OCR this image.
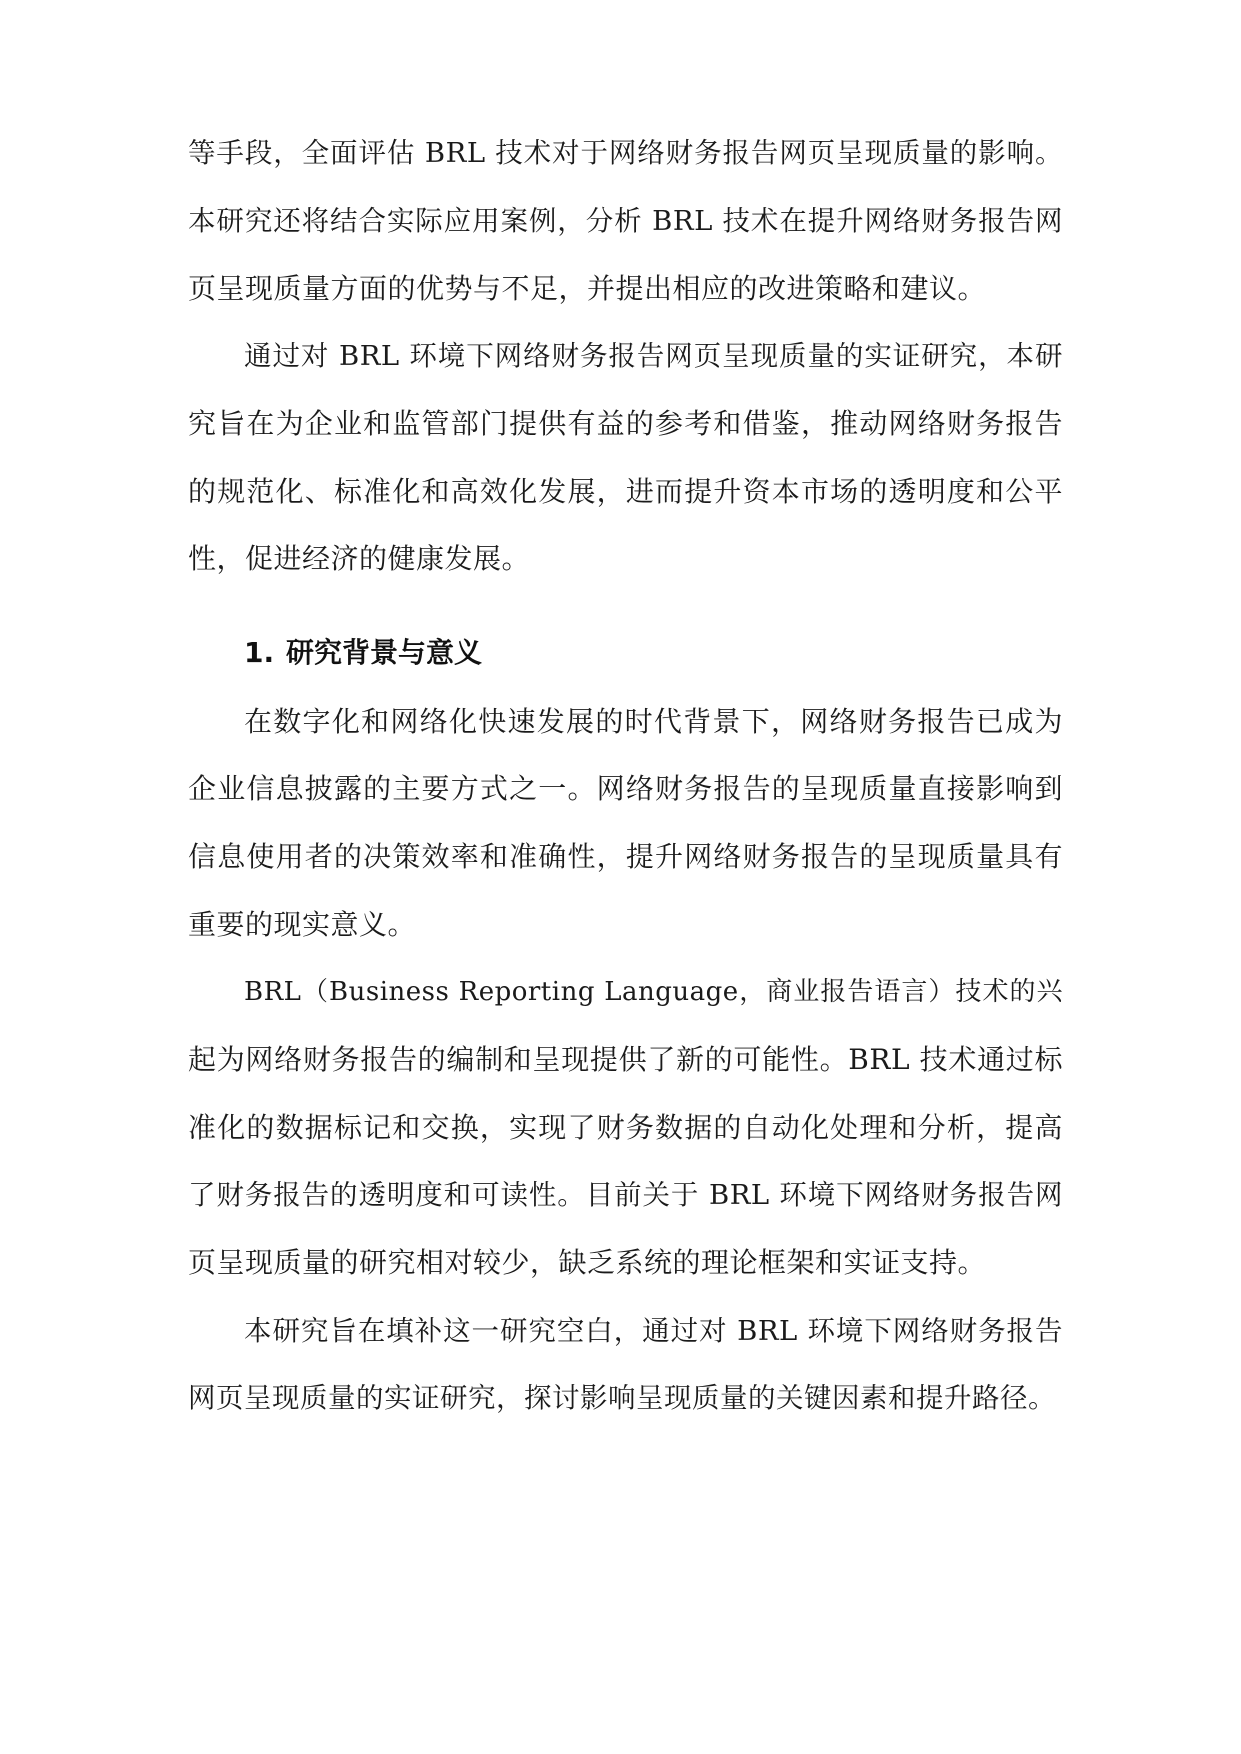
等手段，全面评估 BRL 技术对于网络财务报告网页呈现质量的影响。
本研究还将结合实际应用案例，分析 BRL 技术在提升网络财务报告网
页呈现质量方面的优势与不足，并提出相应的改进策略和建议。
通过对 BRL 环境下网络财务报告网页呈现质量的实证研究，本研
究旨在为企业和监管部门提供有益的参考和借鉴，推动网络财务报告
的规范化、标准化和高效化发展，进而提升资本市场的透明度和公平
性，促进经济的健康发展。
1. 研究背景与意义
在数字化和网络化快速发展的时代背景下，网络财务报告已成为
企业信息披露的主要方式之一。网络财务报告的呈现质量直接影响到
信息使用者的决策效率和准确性，提升网络财务报告的呈现质量具有
重要的现实意义。
BRL（Business Reporting Language，商业报告语言）技术的兴
起为网络财务报告的编制和呈现提供了新的可能性。BRL 技术通过标
准化的数据标记和交换，实现了财务数据的自动化处理和分析，提高
了财务报告的透明度和可读性。目前关于 BRL 环境下网络财务报告网
页呈现质量的研究相对较少，缺乏系统的理论框架和实证支持。
本研究旨在填补这一研究空白，通过对 BRL 环境下网络财务报告
网页呈现质量的实证研究，探讨影响呈现质量的关键因素和提升路径。
